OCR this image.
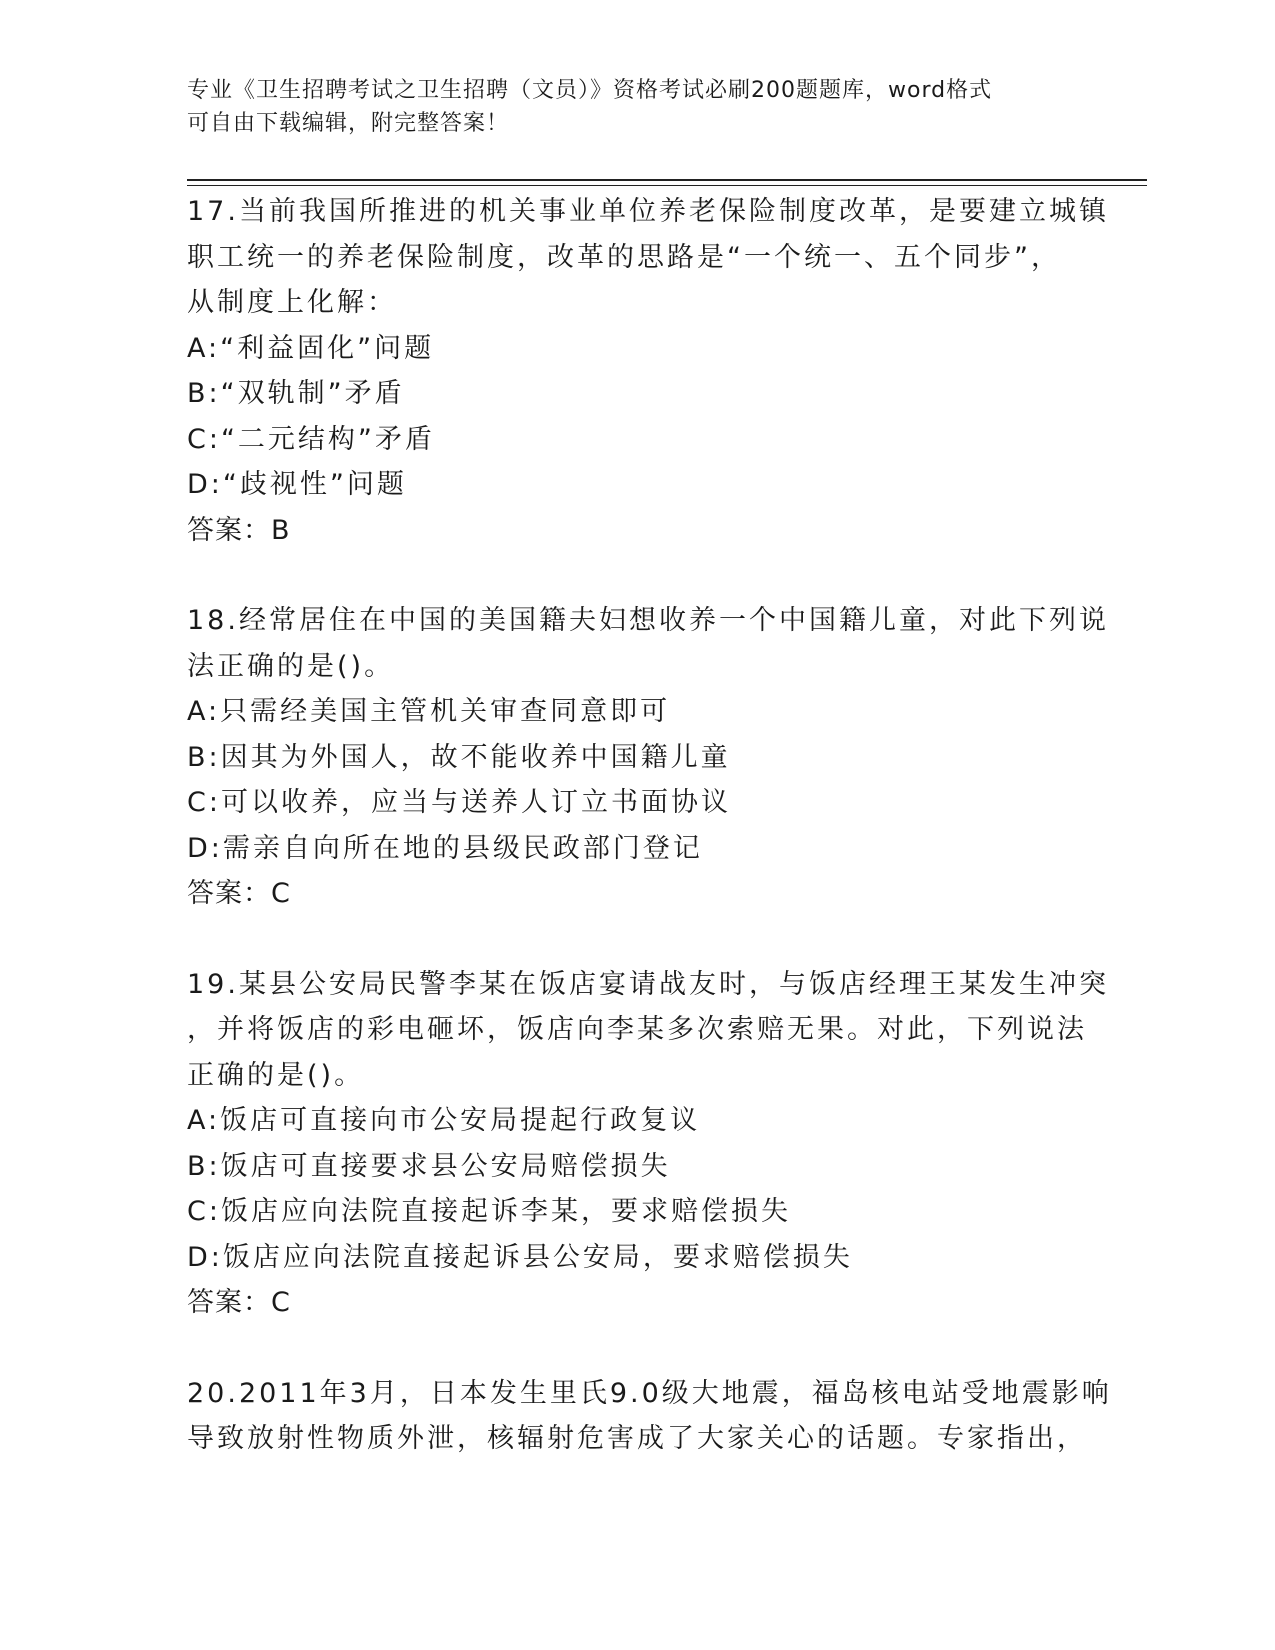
专业《卫生招聘考试之卫生招聘（文员）》资格考试必刷200题题库，word格式
可自由下载编辑，附完整答案！
17.当前我国所推进的机关事业单位养老保险制度改革，是要建立城镇
职工统一的养老保险制度，改革的思路是“一个统一、五个同步”，
从制度上化解：
A:“利益固化”问题
B:“双轨制”矛盾
C:“二元结构”矛盾
D:“歧视性”问题
答案：B
18.经常居住在中国的美国籍夫妇想收养一个中国籍儿童，对此下列说
法正确的是()。
A:只需经美国主管机关审查同意即可
B:因其为外国人，故不能收养中国籍儿童
C:可以收养，应当与送养人订立书面协议
D:需亲自向所在地的县级民政部门登记
答案：C
19.某县公安局民警李某在饭店宴请战友时，与饭店经理王某发生冲突
，并将饭店的彩电砸坏，饭店向李某多次索赔无果。对此，下列说法
正确的是()。
A:饭店可直接向市公安局提起行政复议
B:饭店可直接要求县公安局赔偿损失
C:饭店应向法院直接起诉李某，要求赔偿损失
D:饭店应向法院直接起诉县公安局，要求赔偿损失
答案：C
20.2011年3月，日本发生里氏9.0级大地震，福岛核电站受地震影响
导致放射性物质外泄，核辐射危害成了大家关心的话题。专家指出，
